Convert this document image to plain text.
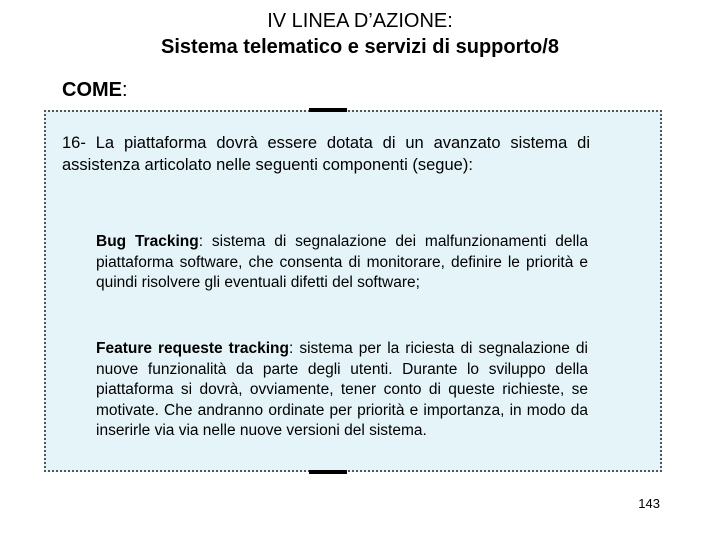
IV LINEA D’AZIONE:
Sistema telematico e servizi di supporto/8
COME:
16- La piattaforma dovrà essere dotata di un avanzato sistema di assistenza articolato nelle seguenti componenti (segue):
Bug Tracking: sistema di segnalazione dei malfunzionamenti della piattaforma software, che consenta di monitorare, definire le priorità e quindi risolvere gli eventuali difetti del software;
Feature requeste tracking: sistema per la riciesta di segnalazione di nuove funzionalità da parte degli utenti. Durante lo sviluppo della piattaforma si dovrà, ovviamente, tener conto di queste richieste, se motivate. Che andranno ordinate per priorità e importanza, in modo da inserirle via via nelle nuove versioni del sistema.
143
